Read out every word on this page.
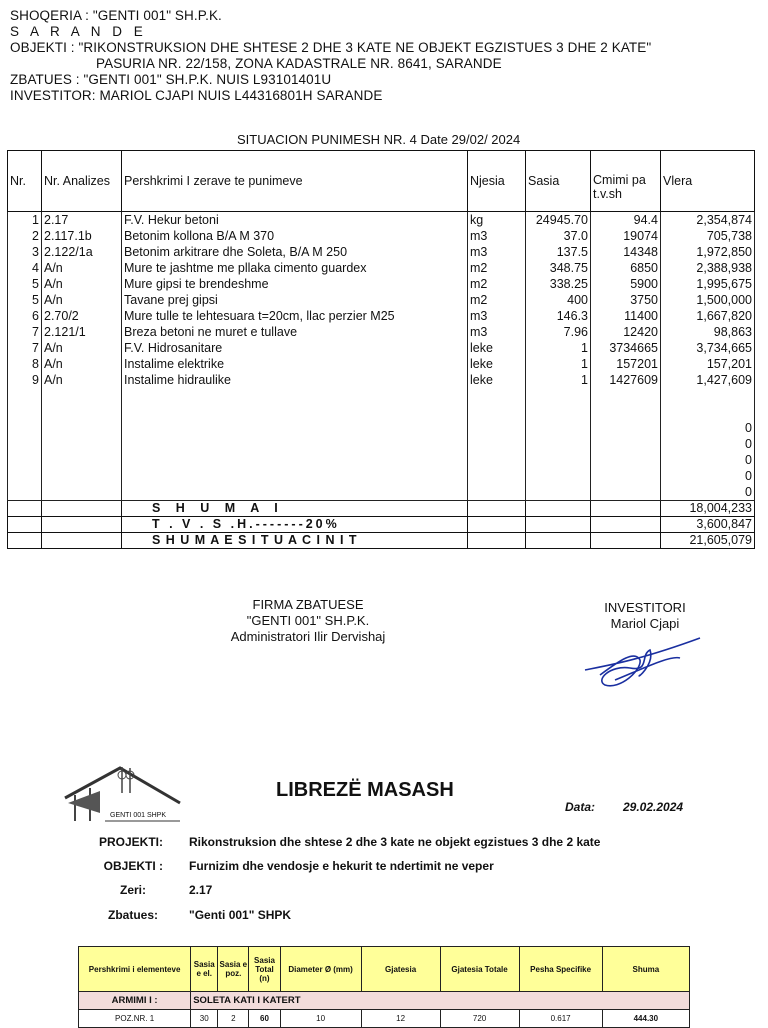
SHOQERIA : "GENTI 001" SH.P.K.
S A R A N D E
OBJEKTI : "RIKONSTRUKSION DHE SHTESE 2 DHE 3 KATE NE OBJEKT EGZISTUES 3 DHE 2 KATE"
PASURIA NR. 22/158, ZONA KADASTRALE NR. 8641, SARANDE
ZBATUES : "GENTI 001" SH.P.K. NUIS L93101401U
INVESTITOR: MARIOL CJAPI NUIS L44316801H SARANDE
SITUACION PUNIMESH NR. 4 Date 29/02/ 2024
Nr.	Nr. Analizes	Pershkrimi I zerave te punimeve	Njesia	Sasia	Cmimi pa t.v.sh	Vlera
1	2.17	F.V. Hekur betoni	kg	24945.70	94.4	2,354,874
2	2.117.1b	Betonim kollona B/A M 370	m3	37.0	19074	705,738
3	2.122/1a	Betonim arkitrare dhe Soleta, B/A M 250	m3	137.5	14348	1,972,850
4	A/n	Mure te jashtme me pllaka cimento guardex	m2	348.75	6850	2,388,938
5	A/n	Mure gipsi te brendeshme	m2	338.25	5900	1,995,675
5	A/n	Tavane prej gipsi	m2	400	3750	1,500,000
6	2.70/2	Mure tulle te lehtesuara t=20cm, llac perzier M25	m3	146.3	11400	1,667,820
7	2.121/1	Breza betoni ne muret e tullave	m3	7.96	12420	98,863
7	A/n	F.V. Hidrosanitare	leke	1	3734665	3,734,665
8	A/n	Instalime elektrike	leke	1	157201	157,201
9	A/n	Instalime hidraulike	leke	1	1427609	1,427,609

						0
						0
						0
						0
						0
		S H U M A I				18,004,233
		T . V . S .H.-------20%				3,600,847
		S H U M A E S I T U A C I N I T				21,605,079
FIRMA ZBATUESE
"GENTI 001" SH.P.K.
Administratori Ilir Dervishaj
INVESTITORI
Mariol Cjapi
GENTI 001 SHPK
LIBREZË MASASH
Data: 29.02.2024
PROJEKTI: Rikonstruksion dhe shtese 2 dhe 3 kate ne objekt egzistues 3 dhe 2 kate
OBJEKTI : Furnizim dhe vendosje e hekurit te ndertimit ne veper
Zeri:	2.17
Zbatues:	"Genti 001" SHPK
Pershkrimi i elementeve	Sasia e el.	Sasia e poz.	Sasia Total (n)	Diameter Ø (mm)	Gjatesia	Gjatesia Totale	Pesha Specifike	Shuma
ARMIMI I :	SOLETA KATI I KATERT							
POZ.NR. 1	30	2	60	10	12	720	0.617	444.30
